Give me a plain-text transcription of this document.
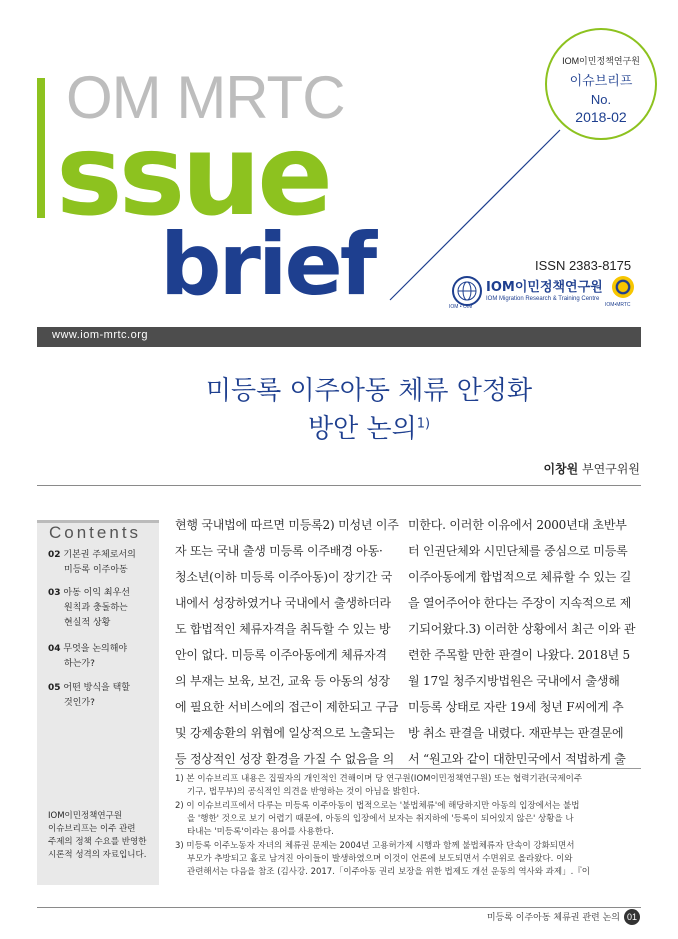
OM MRTC
ssue
brief
IOM이민정책연구원
이슈브리프
No.
2018-02
ISSN 2383-8175
IOM • OIM
IOM이민정책연구원
IOM Migration Research & Training Centre
IOM•MRTC
www.iom-mrtc.org
미등록 이주아동 체류 안정화
방안 논의$^{1)}$
이창원 부연구위원
Contents
02 기본권 주체로서의
미등록 이주아동
03 아동 이익 최우선
원칙과 충돌하는
현실적 상황
04 무엇을 논의해야
하는가?
05 어떤 방식을 택할
것인가?
IOM이민정책연구원
이슈브리프는 이주 관련
주제의 정책 수요를 반영한
시론적 성격의 자료입니다.
현행 국내법에 따르면 미등록2) 미성년 이주
자 또는 국내 출생 미등록 이주배경 아동·
청소년(이하 미등록 이주아동)이 장기간 국
내에서 성장하였거나 국내에서 출생하더라
도 합법적인 체류자격을 취득할 수 있는 방
안이 없다. 미등록 이주아동에게 체류자격
의 부재는 보육, 보건, 교육 등 아동의 성장
에 필요한 서비스에의 접근이 제한되고 구금
및 강제송환의 위협에 일상적으로 노출되는
등 정상적인 성장 환경을 가질 수 없음을 의
미한다. 이러한 이유에서 2000년대 초반부
터 인권단체와 시민단체를 중심으로 미등록
이주아동에게 합법적으로 체류할 수 있는 길
을 열어주어야 한다는 주장이 지속적으로 제
기되어왔다.3) 이러한 상황에서 최근 이와 관
련한 주목할 만한 판결이 나왔다. 2018년 5
월 17일 청주지방법원은 국내에서 출생해
미등록 상태로 자란 19세 청년 F씨에게 추
방 취소 판결을 내렸다. 재판부는 판결문에
서 “원고와 같이 대한민국에서 적법하게 출
1) 본 이슈브리프 내용은 집필자의 개인적인 견해이며 당 연구원(IOM이민정책연구원) 또는 협력기관(국제이주
기구, 법무부)의 공식적인 의견을 반영하는 것이 아님을 밝힌다.
2) 이 이슈브리프에서 다루는 미등록 이주아동이 법적으로는 '불법체류'에 해당하지만 아동의 입장에서는 불법
을 '행한' 것으로 보기 어렵기 때문에, 아동의 입장에서 보자는 취지하에 '등록이 되어있지 않은' 상황을 나
타내는 '미등록'이라는 용어를 사용한다.
3) 미등록 이주노동자 자녀의 체류권 문제는 2004년 고용허가제 시행과 함께 불법체류자 단속이 강화되면서
부모가 추방되고 홀로 남겨진 아이들이 발생하였으며 이것이 언론에 보도되면서 수면위로 올라왔다. 이와
관련해서는 다음을 참조 (김사강. 2017.「이주아동 권리 보장을 위한 법제도 개선 운동의 역사와 과제」.『이
미등록 이주아동 체류권 관련 논의 01
